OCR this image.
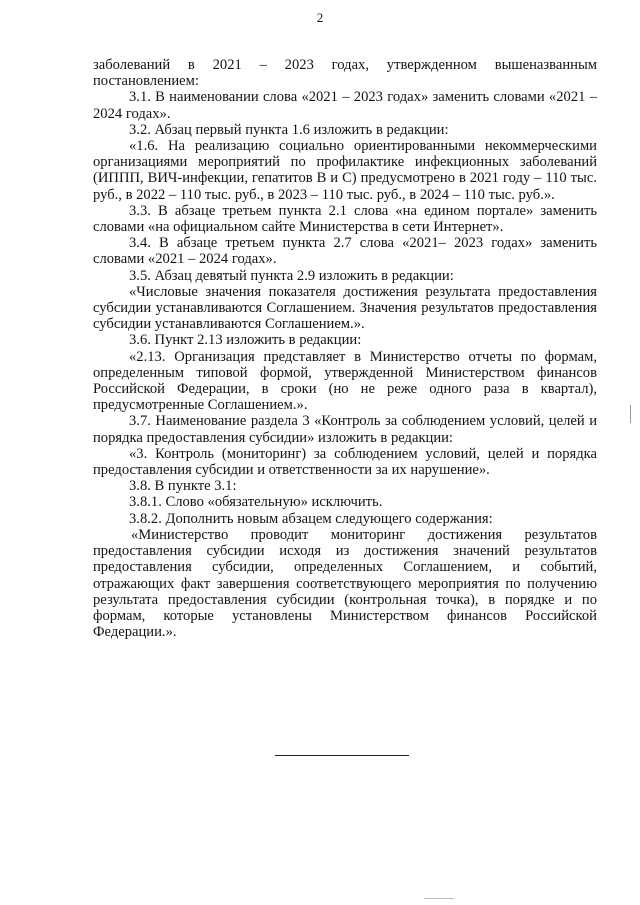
2

заболеваний в 2021 – 2023 годах, утвержденном вышеназванным постановлением:

3.1. В наименовании слова «2021 – 2023 годах» заменить словами «2021 – 2024 годах».

3.2. Абзац первый пункта 1.6 изложить в редакции:

«1.6. На реализацию социально ориентированными некоммерческими организациями мероприятий по профилактике инфекционных заболеваний (ИППП, ВИЧ-инфекции, гепатитов В и С) предусмотрено в 2021 году – 110 тыс. руб., в 2022 – 110 тыс. руб., в 2023 – 110 тыс. руб., в 2024 – 110 тыс. руб.».

3.3. В абзаце третьем пункта 2.1 слова «на едином портале» заменить словами «на официальном сайте Министерства в сети Интернет».

3.4. В абзаце третьем пункта 2.7 слова «2021– 2023 годах» заменить словами «2021 – 2024 годах».

3.5. Абзац девятый пункта 2.9 изложить в редакции:

«Числовые значения показателя достижения результата предоставления субсидии устанавливаются Соглашением. Значения результатов предоставления субсидии устанавливаются Соглашением.».

3.6. Пункт 2.13 изложить в редакции:

«2.13. Организация представляет в Министерство отчеты по формам, определенным типовой формой, утвержденной Министерством финансов Российской Федерации, в сроки (но не реже одного раза в квартал), предусмотренные Соглашением.».

3.7. Наименование раздела 3 «Контроль за соблюдением условий, целей и порядка предоставления субсидии» изложить в редакции:

«3. Контроль (мониторинг) за соблюдением условий, целей и порядка предоставления субсидии и ответственности за их нарушение».

3.8. В пункте 3.1:

3.8.1. Слово «обязательную» исключить.

3.8.2. Дополнить новым абзацем следующего содержания:

«Министерство проводит мониторинг достижения результатов предоставления субсидии исходя из достижения значений результатов предоставления субсидии, определенных Соглашением, и событий, отражающих факт завершения соответствующего мероприятия по получению результата предоставления субсидии (контрольная точка), в порядке и по формам, которые установлены Министерством финансов Российской Федерации.».
